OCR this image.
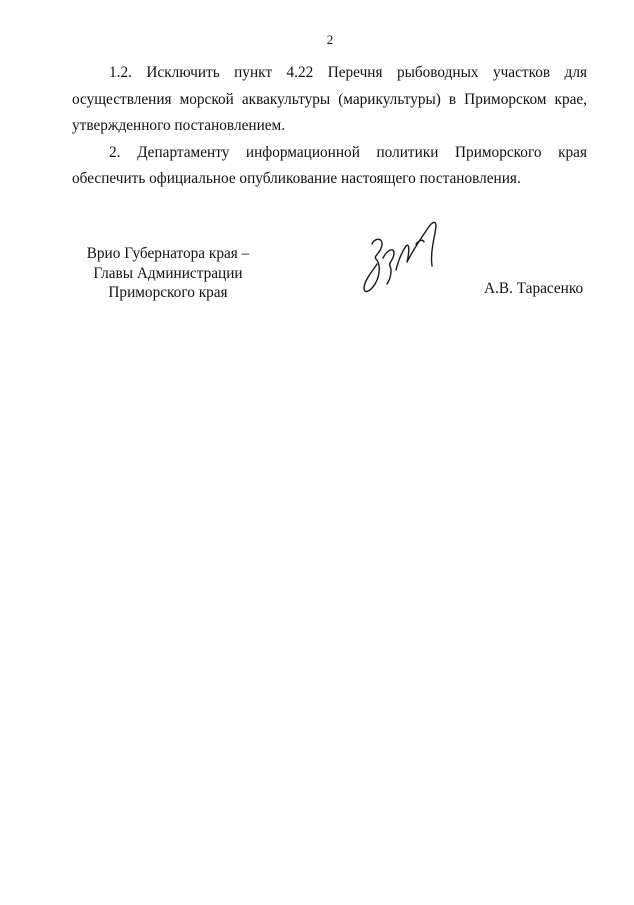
2

1.2. Исключить пункт 4.22 Перечня рыбоводных участков для осуществления морской аквакультуры (марикультуры) в Приморском крае, утвержденного постановлением.

2. Департаменту информационной политики Приморского края обеспечить официальное опубликование настоящего постановления.

Врио Губернатора края –
Главы Администрации
Приморского края	А.В. Тарасенко
